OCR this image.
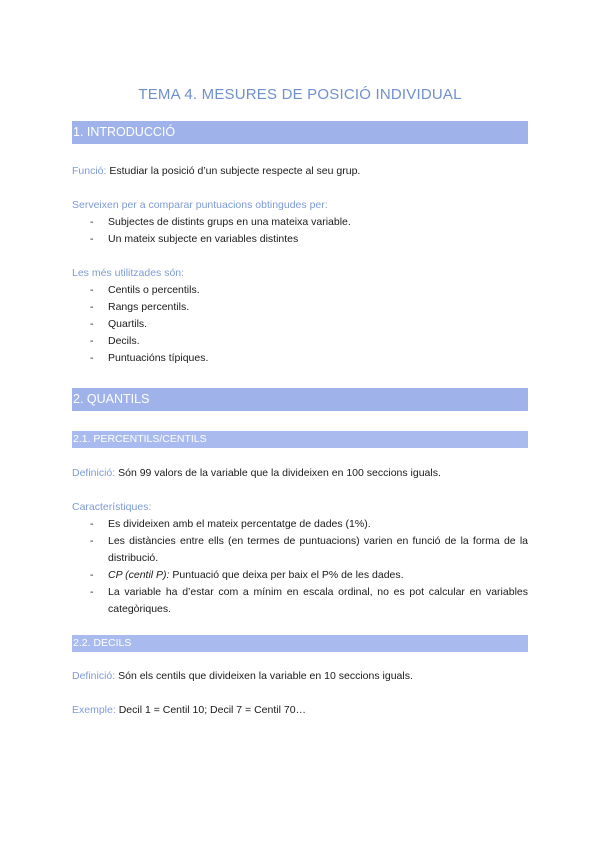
TEMA 4. MESURES DE POSICIÓ INDIVIDUAL
1. INTRODUCCIÓ
Funció: Estudiar la posició d’un subjecte respecte al seu grup.
Serveixen per a comparar puntuacions obtingudes per:
- Subjectes de distints grups en una mateixa variable.
- Un mateix subjecte en variables distintes
Les més utilitzades són:
- Centils o percentils.
- Rangs percentils.
- Quartils.
- Decils.
- Puntuacións típiques.
2. QUANTILS
2.1. PERCENTILS/CENTILS
Definició: Són 99 valors de la variable que la divideixen en 100 seccions iguals.
Característiques:
- Es divideixen amb el mateix percentatge de dades (1%).
- Les distàncies entre ells (en termes de puntuacions) varien en funció de la forma de la distribució.
- CP (centil P): Puntuació que deixa per baix el P% de les dades.
- La variable ha d’estar com a mínim en escala ordinal, no es pot calcular en variables categòriques.
2.2. DECILS
Definició: Són els centils que divideixen la variable en 10 seccions iguals.
Exemple: Decil 1 = Centil 10; Decil 7 = Centil 70…
